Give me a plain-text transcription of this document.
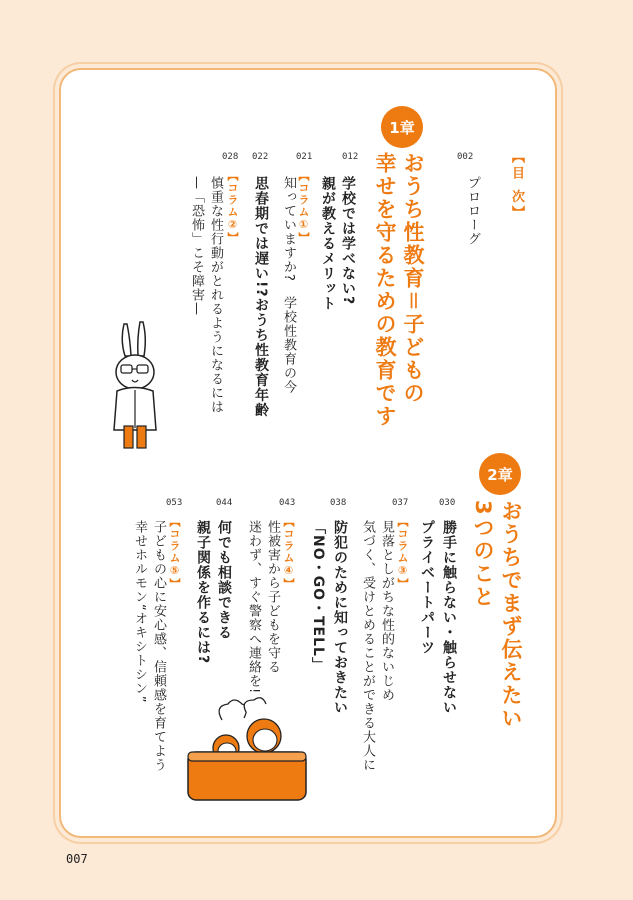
【目 次】
002
プロローグ
1章
おうち性教育＝子どもの
幸せを守るための教育です
012
学校では学べない?
親が教えるメリット
021
【コラム①】
知っていますか?　学校性教育の今
022
思春期では遅い!?おうち性教育年齢
028
【コラム②】
慎重な性行動がとれるようになるには
—「恐怖」こそ障害—
2章
おうちでまず伝えたい
3つのこと
030
勝手に触らない・触らせない
プライベートパーツ
037
【コラム③】
見落としがちな性的ないじめ
気づく、受けとめることができる大人に
038
防犯のために知っておきたい
「NO・GO・TELL」
043
【コラム④】
性被害から子どもを守る
迷わず、すぐ警察へ連絡を!
044
何でも相談できる
親子関係を作るには?
053
【コラム⑤】
子どもの心に安心感、信頼感を育てよう
幸せホルモン“オキシトシン”
007
